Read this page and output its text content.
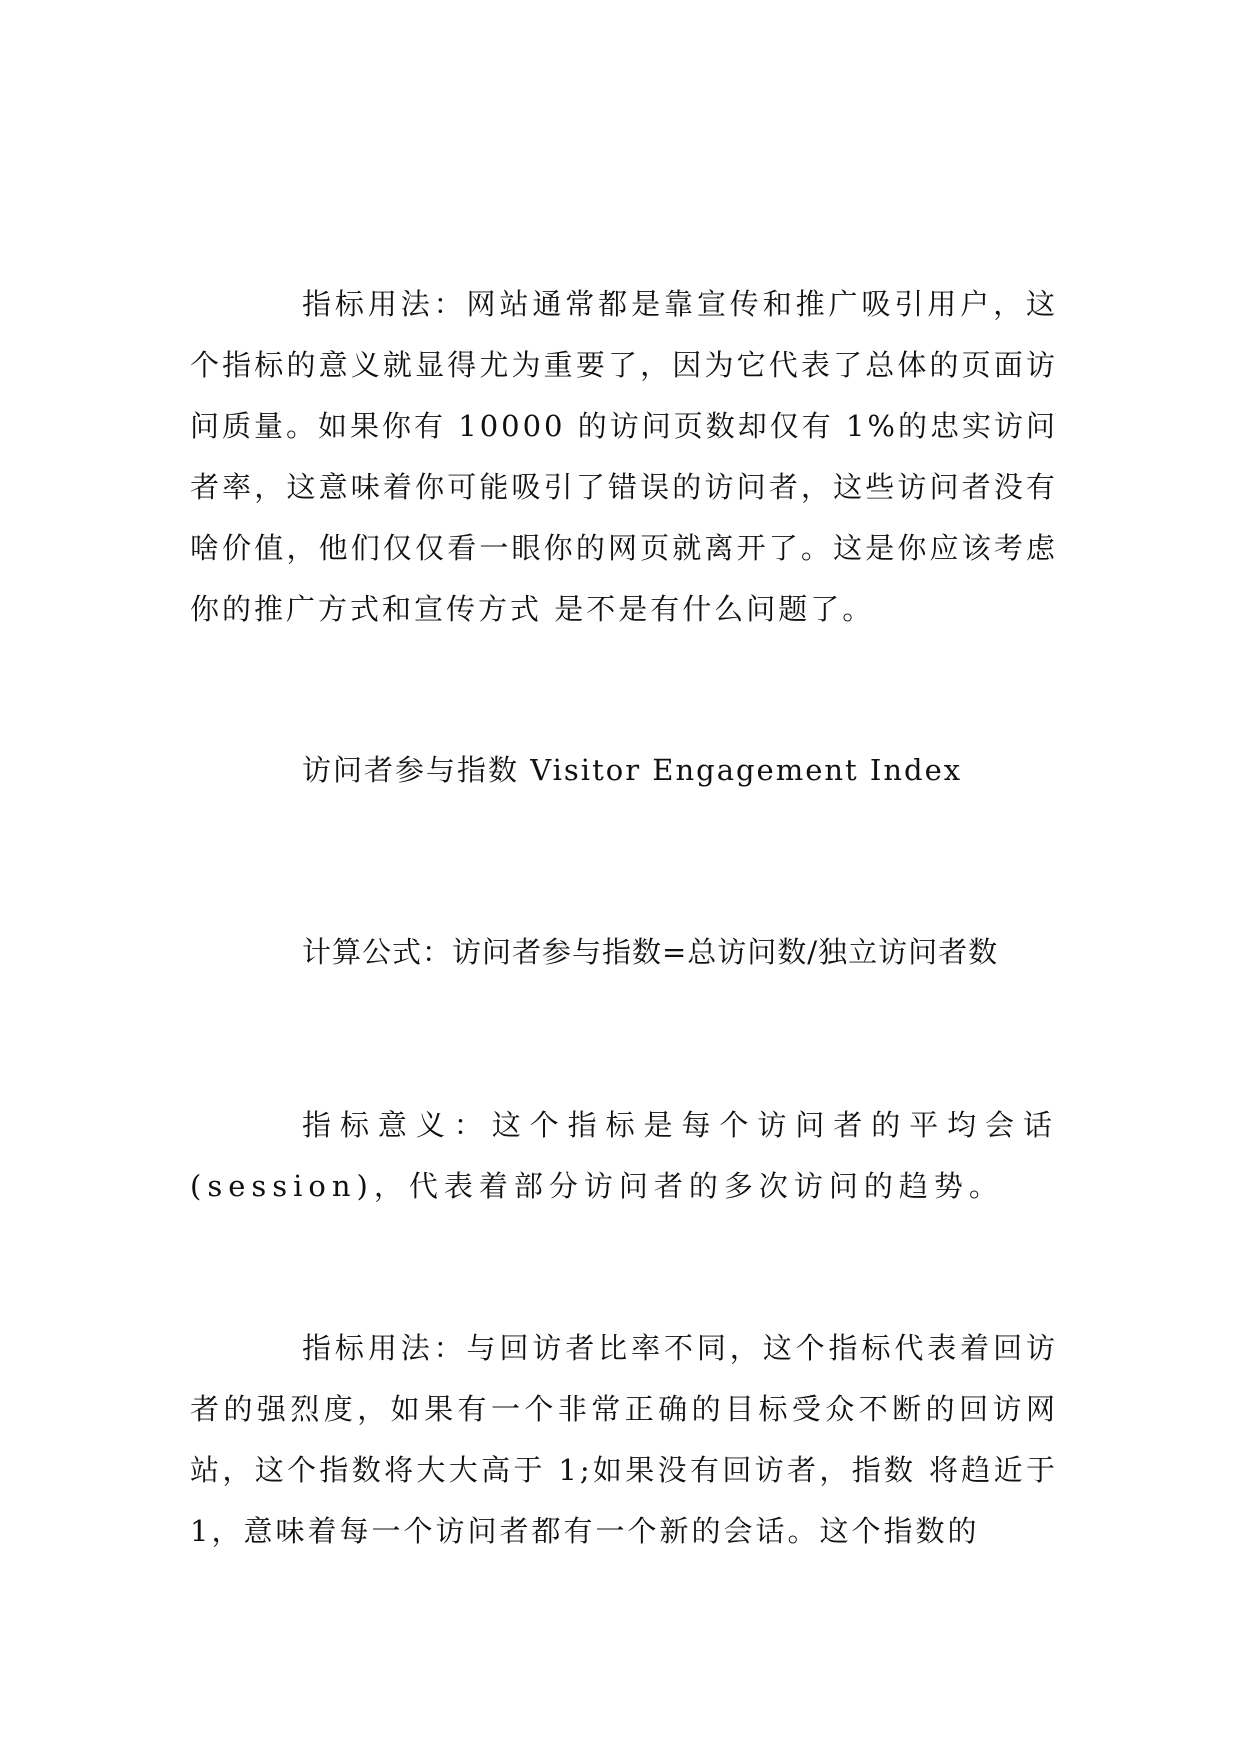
指标用法：网站通常都是靠宣传和推广吸引用户，这个指标的意义就显得尤为重要了，因为它代表了总体的页面访问质量。如果你有 10000 的访问页数却仅有 1%的忠实访问者率，这意味着你可能吸引了错误的访问者，这些访问者没有啥价值，他们仅仅看一眼你的网页就离开了。这是你应该考虑你的推广方式和宣传方式 是不是有什么问题了。

访问者参与指数 Visitor Engagement Index

计算公式：访问者参与指数=总访问数/独立访问者数

指标意义：这个指标是每个访问者的平均会话(session)，代表着部分访问者的多次访问的趋势。

指标用法：与回访者比率不同，这个指标代表着回访者的强烈度，如果有一个非常正确的目标受众不断的回访网站，这个指数将大大高于 1;如果没有回访者，指数 将趋近于 1，意味着每一个访问者都有一个新的会话。这个指数的
